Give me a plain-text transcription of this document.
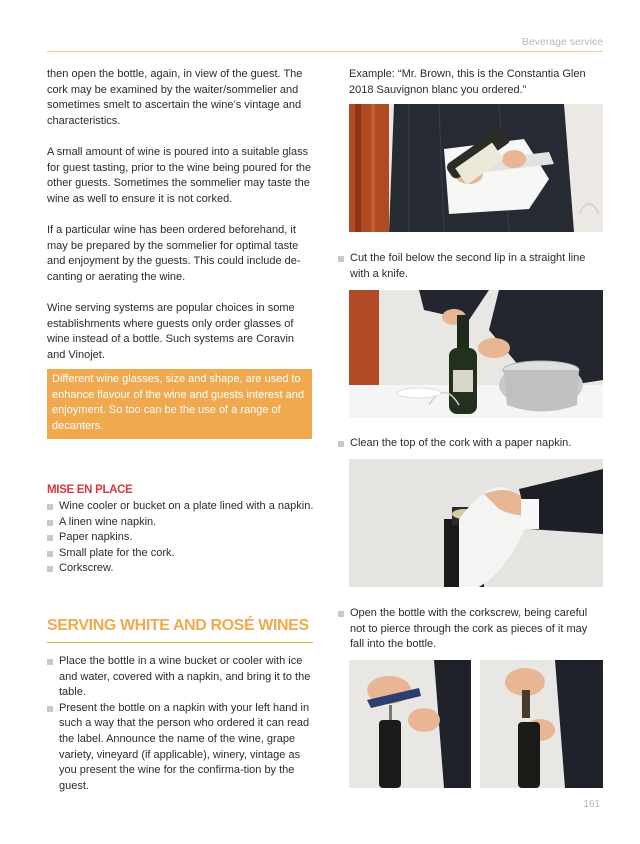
Beverage service

then open the bottle, again, in view of the guest. The cork may be examined by the waiter/sommelier and sometimes smelt to ascertain the wine’s vintage and characteristics.

A small amount of wine is poured into a suitable glass for guest tasting, prior to the wine being poured for the other guests. Sometimes the sommelier may taste the wine as well to ensure it is not corked.

If a particular wine has been ordered beforehand, it may be prepared by the sommelier for optimal taste and enjoyment by the guests. This could include de-canting or aerating the wine.

Wine serving systems are popular choices in some establishments where guests only order glasses of wine instead of a bottle. Such systems are Coravin and Vinojet.

Different wine glasses, size and shape, are used to enhance flavour of the wine and guests interest and enjoyment. So too can be the use of a range of decanters.
MISE EN PLACE
Wine cooler or bucket on a plate lined with a napkin.
A linen wine napkin.
Paper napkins.
Small plate for the cork.
Corkscrew.
SERVING WHITE AND ROSÉ WINES
Place the bottle in a wine bucket or cooler with ice and water, covered with a napkin, and bring it to the table.
Present the bottle on a napkin with your left hand in such a way that the person who ordered it can read the label. Announce the name of the wine, grape variety, vineyard (if applicable), winery, vintage as you present the wine for the confirma-tion by the guest.

Example: “Mr. Brown, this is the Constantia Glen 2018 Sauvignon blanc you ordered.”

Cut the foil below the second lip in a straight line with a knife.
Clean the top of the cork with a paper napkin.
Open the bottle with the corkscrew, being careful not to pierce through the cork as pieces of it may fall into the bottle.
161
